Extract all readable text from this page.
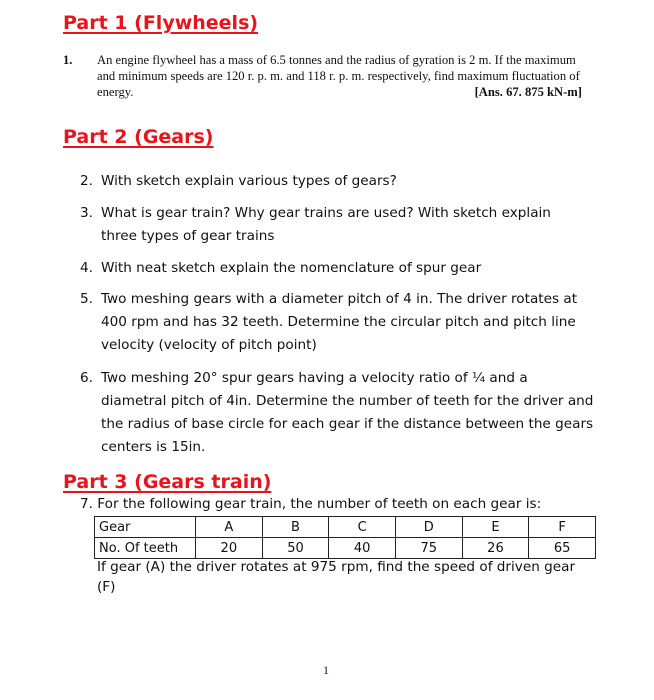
Part 1 (Flywheels)
1. An engine flywheel has a mass of 6.5 tonnes and the radius of gyration is 2 m. If the maximum and minimum speeds are 120 r. p. m. and 118 r. p. m. respectively, find maximum fluctuation of energy.	[Ans. 67. 875 kN-m]
Part 2 (Gears)
2. With sketch explain various types of gears?
3. What is gear train? Why gear trains are used? With sketch explain three types of gear trains
4. With neat sketch explain the nomenclature of spur gear
5. Two meshing gears with a diameter pitch of 4 in. The driver rotates at 400 rpm and has 32 teeth. Determine the circular pitch and pitch line velocity (velocity of pitch point)
6. Two meshing 20° spur gears having a velocity ratio of ¼ and a diametral pitch of 4in. Determine the number of teeth for the driver and the radius of base circle for each gear if the distance between the gears centers is 15in.
Part 3 (Gears train)
7. For the following gear train, the number of teeth on each gear is:
Gear	A	B	C	D	E	F
No. Of teeth	20	50	40	75	26	65
If gear (A) the driver rotates at 975 rpm, find the speed of driven gear (F)
1
